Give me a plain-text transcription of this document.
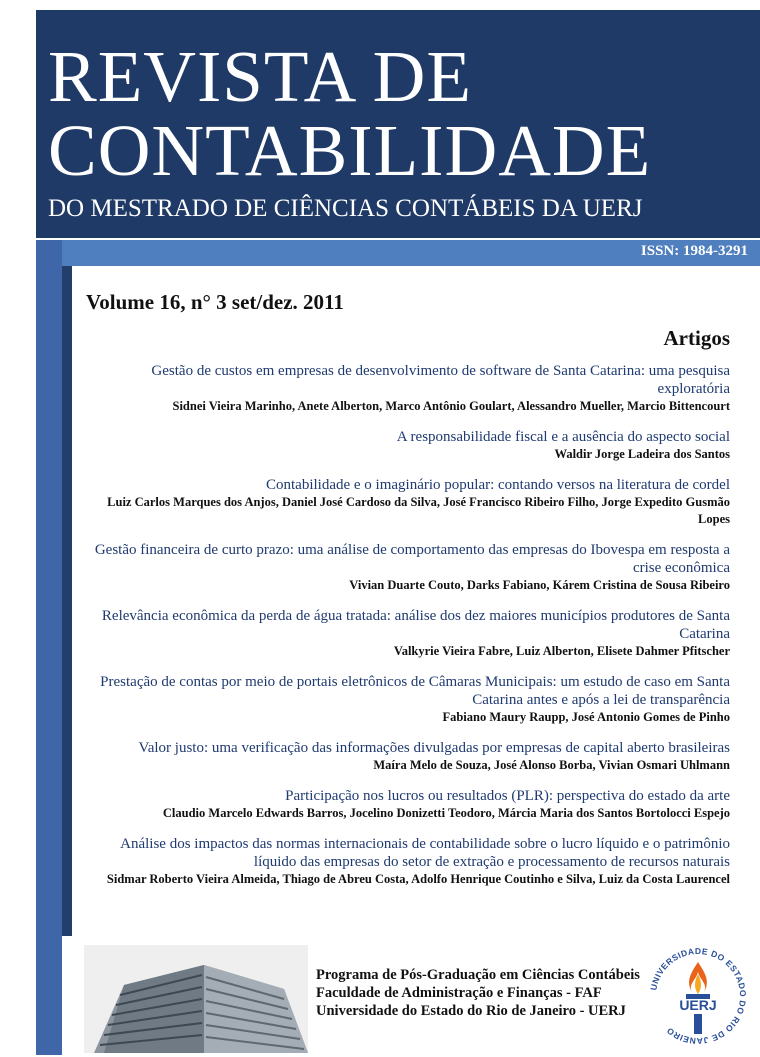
REVISTA DE
CONTABILIDADE
DO MESTRADO DE CIÊNCIAS CONTÁBEIS DA UERJ
ISSN: 1984-3291
Volume 16, n° 3 set/dez. 2011
Artigos
Gestão de custos em empresas de desenvolvimento de software de Santa Catarina: uma pesquisa exploratória
Sidnei Vieira Marinho, Anete Alberton, Marco Antônio Goulart, Alessandro Mueller, Marcio Bittencourt
A responsabilidade fiscal e a ausência do aspecto social
Waldir Jorge Ladeira dos Santos
Contabilidade e o imaginário popular: contando versos na literatura de cordel
Luiz Carlos Marques dos Anjos, Daniel José Cardoso da Silva, José Francisco Ribeiro Filho, Jorge Expedito Gusmão Lopes
Gestão financeira de curto prazo: uma análise de comportamento das empresas do Ibovespa em resposta a crise econômica
Vivian Duarte Couto, Darks Fabiano, Kárem Cristina de Sousa Ribeiro
Relevância econômica da perda de água tratada: análise dos dez maiores municípios produtores de Santa Catarina
Valkyrie Vieira Fabre, Luiz Alberton, Elisete Dahmer Pfitscher
Prestação de contas por meio de portais eletrônicos de Câmaras Municipais: um estudo de caso em Santa Catarina antes e após a lei de transparência
Fabiano Maury Raupp, José Antonio Gomes de Pinho
Valor justo: uma verificação das informações divulgadas por empresas de capital aberto brasileiras
Maíra Melo de Souza, José Alonso Borba, Vivian Osmari Uhlmann
Participação nos lucros ou resultados (PLR): perspectiva do estado da arte
Claudio Marcelo Edwards Barros, Jocelino Donizetti Teodoro, Márcia Maria dos Santos Bortolocci Espejo
Análise dos impactos das normas internacionais de contabilidade sobre o lucro líquido e o patrimônio líquido das empresas do setor de extração e processamento de recursos naturais
Sidmar Roberto Vieira Almeida, Thiago de Abreu Costa, Adolfo Henrique Coutinho e Silva, Luiz da Costa Laurencel
Programa de Pós-Graduação em Ciências Contábeis
Faculdade de Administração e Finanças - FAF
Universidade do Estado do Rio de Janeiro - UERJ
UNIVERSIDADE DO ESTADO DO RIO DE JANEIRO
UERJ
